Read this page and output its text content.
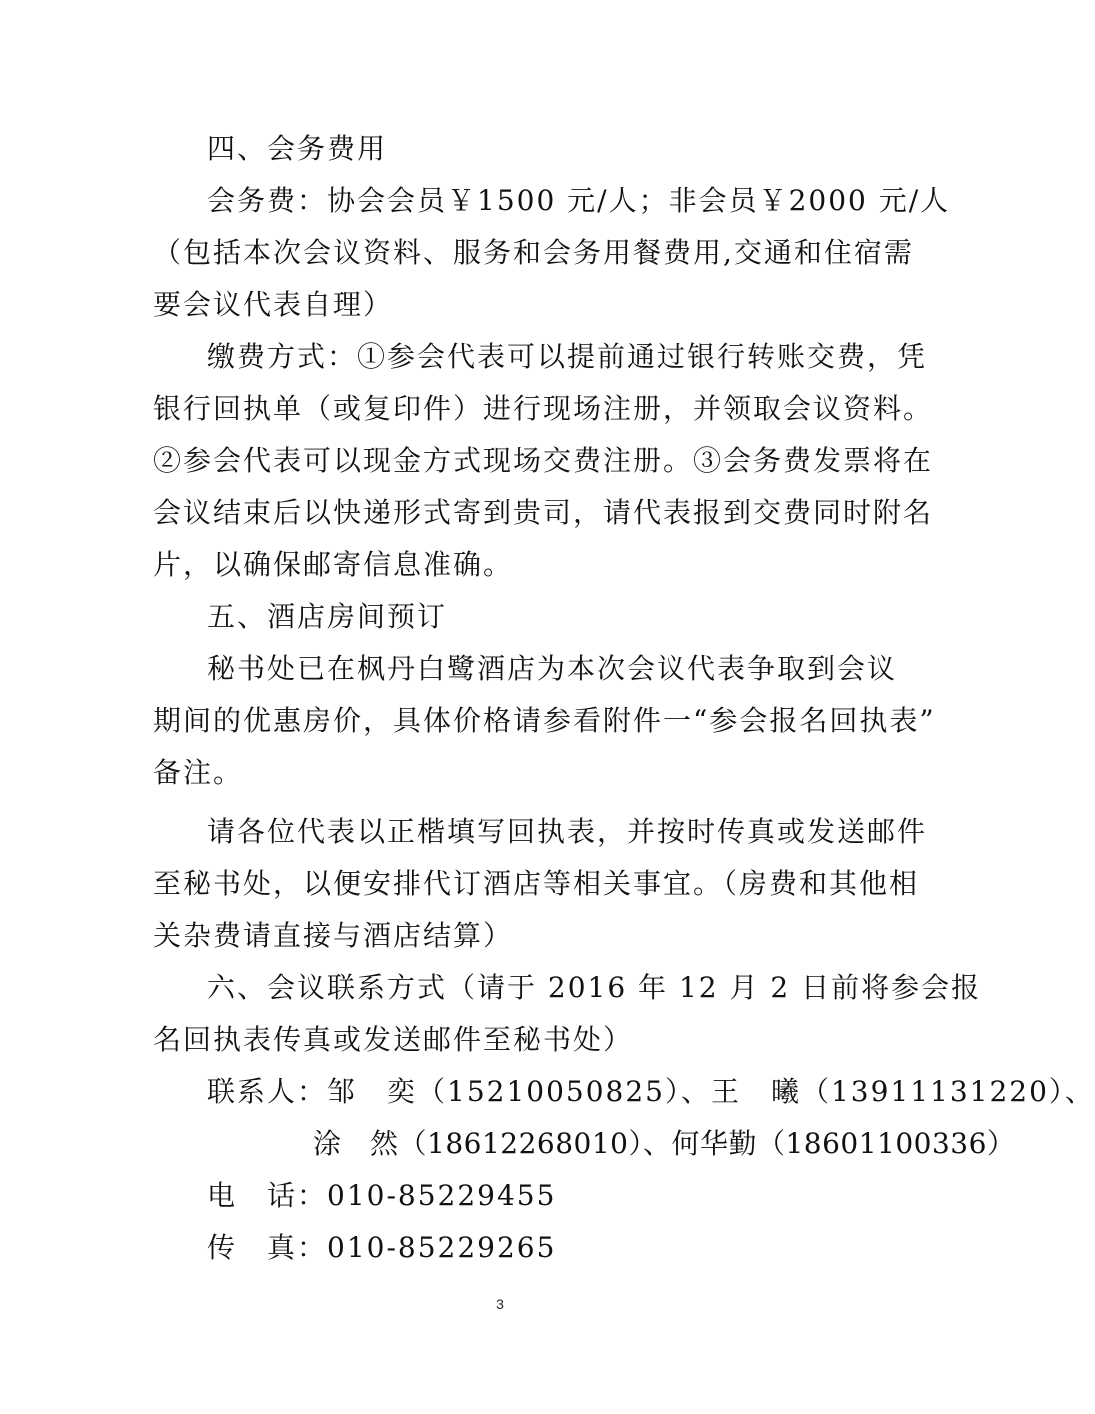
四、会务费用
会务费：协会会员￥1500 元/人；非会员￥2000 元/人
（包括本次会议资料、服务和会务用餐费用,交通和住宿需
要会议代表自理）
缴费方式：①参会代表可以提前通过银行转账交费，凭
银行回执单（或复印件）进行现场注册，并领取会议资料。
②参会代表可以现金方式现场交费注册。③会务费发票将在
会议结束后以快递形式寄到贵司，请代表报到交费同时附名
片，以确保邮寄信息准确。
五、酒店房间预订
秘书处已在枫丹白鹭酒店为本次会议代表争取到会议
期间的优惠房价，具体价格请参看附件一“参会报名回执表”
备注。
请各位代表以正楷填写回执表，并按时传真或发送邮件
至秘书处，以便安排代订酒店等相关事宜。（房费和其他相
关杂费请直接与酒店结算）
六、会议联系方式（请于 2016 年 12 月 2 日前将参会报
名回执表传真或发送邮件至秘书处）
联系人：邹　奕（15210050825）、王　曦（13911131220）、
涂　然（18612268010）、何华勤（18601100336）
电　话：010-85229455
传　真：010-85229265
3
